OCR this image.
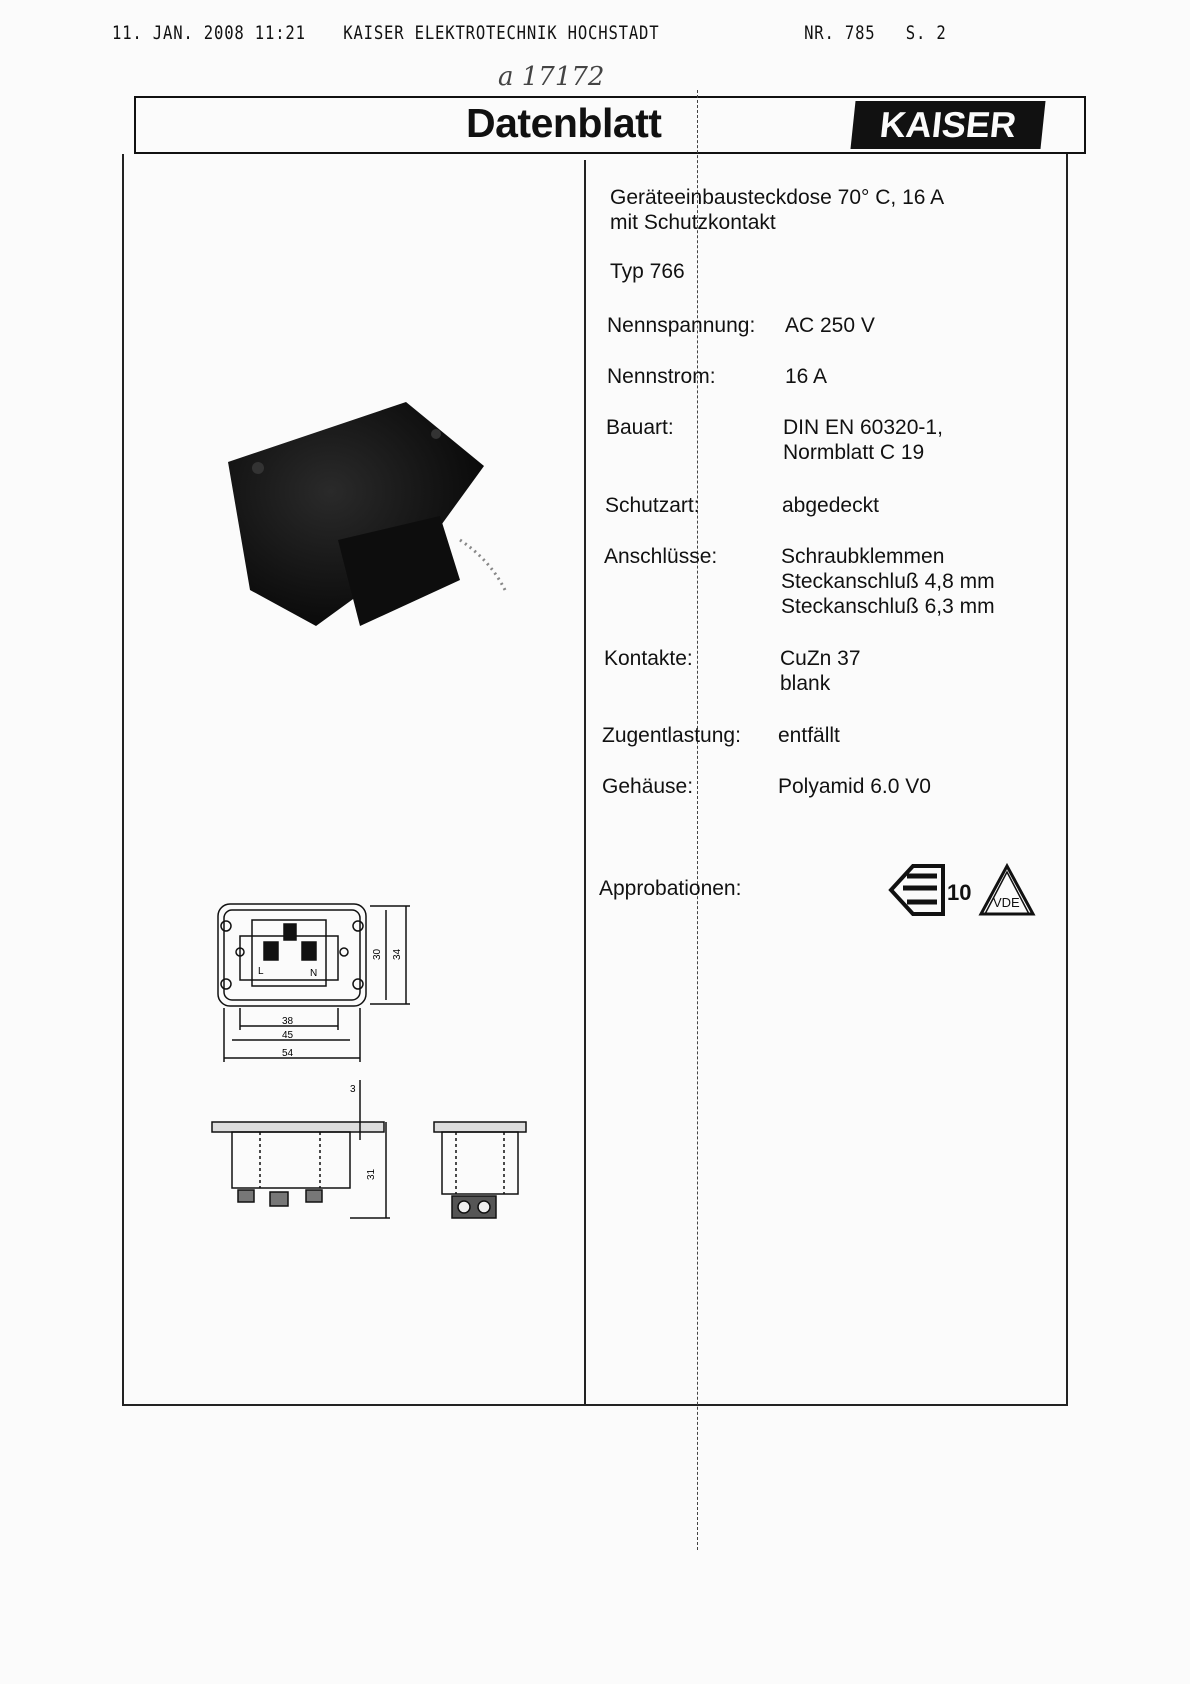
11. JAN. 2008 11:21 KAISER ELEKTROTECHNIK HOCHSTADT	NR. 785 S. 2
a 17172
Datenblatt	KAISER
Geräteeinbausteckdose 70° C, 16 A
mit Schutzkontakt
Typ 766
Nennspannung: AC 250 V
Nennstrom:	16 A
Bauart:	DIN EN 60320-1,
Normblatt C 19
Schutzart:	abgedeckt
Anschlüsse:	Schraubklemmen
Steckanschluß 4,8 mm
Steckanschluß 6,3 mm
Kontakte:	CuZn 37
blank
Zugentlastung: entfällt
Gehäuse:	Polyamid 6.0 V0
Approbationen:	10 VDE
L	N
30 34
38
45
54
3
31
